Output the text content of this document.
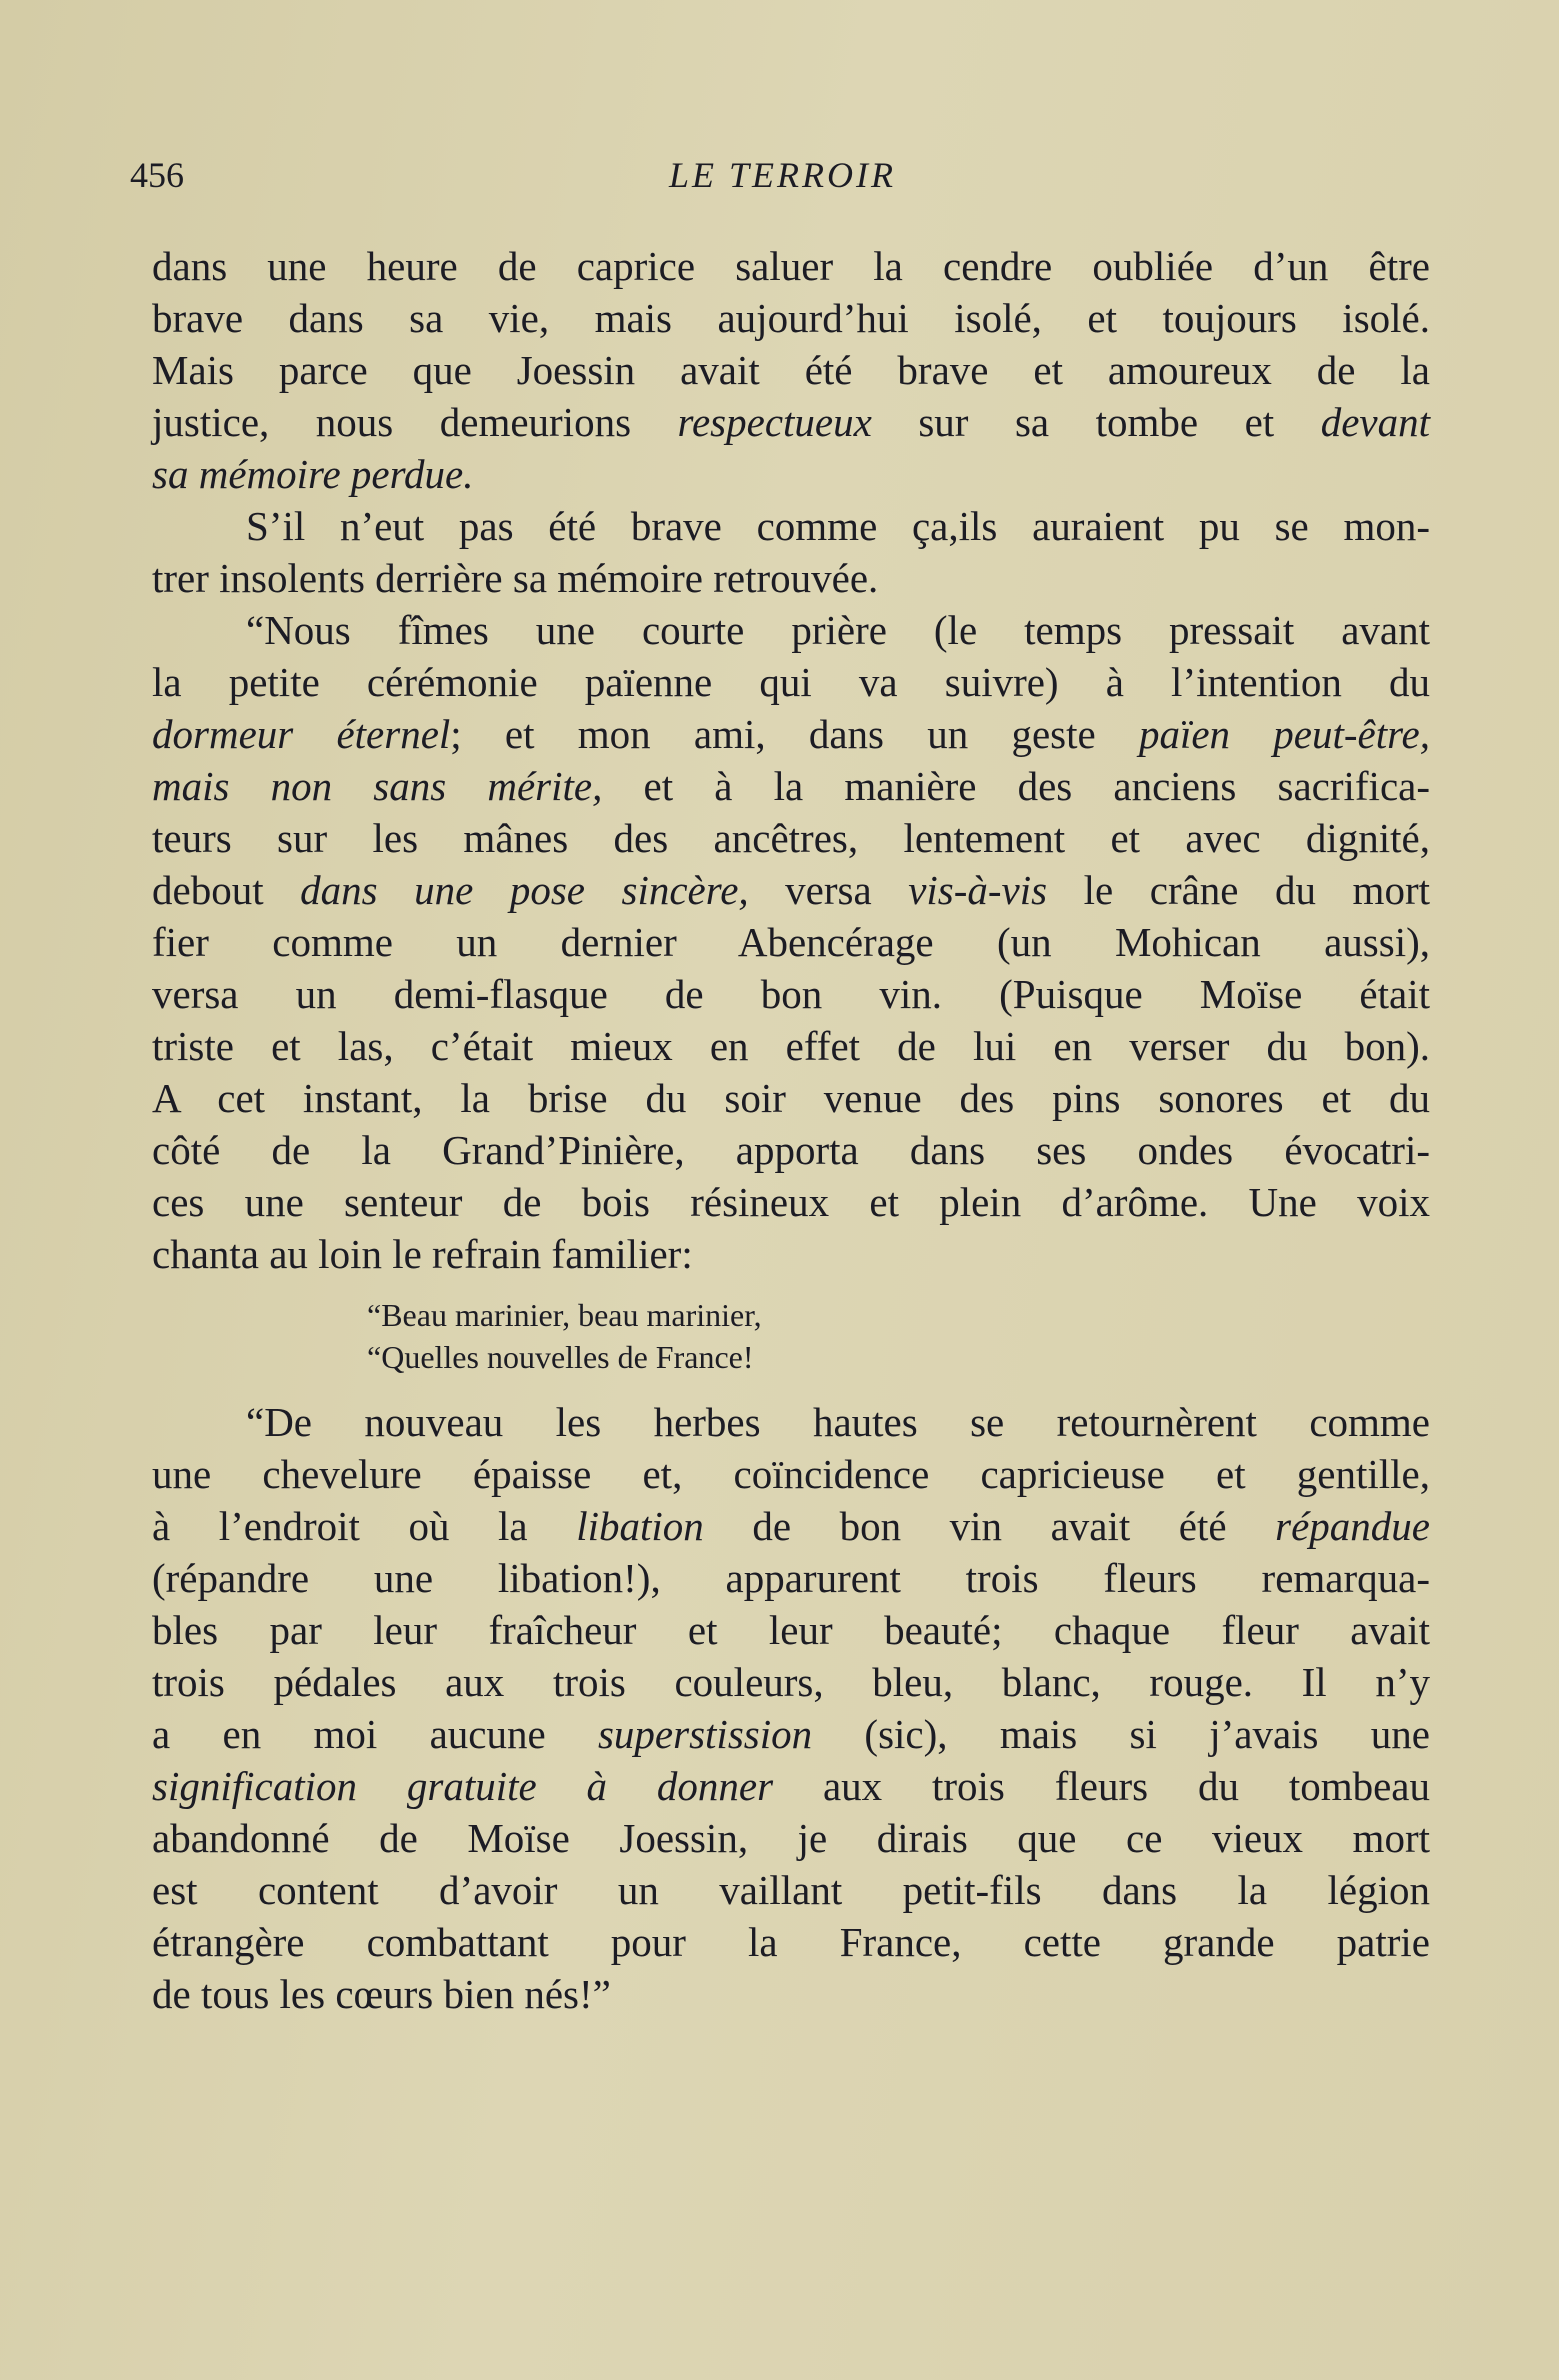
456	LE TERROIR
dans une heure de caprice saluer la cendre oubliée d’un être
brave dans sa vie, mais aujourd’hui isolé, et toujours isolé.
Mais parce que Joessin avait été brave et amoureux de la
justice, nous demeurions respectueux sur sa tombe et devant
sa mémoire perdue.
S’il n’eut pas été brave comme ça,ils auraient pu se mon-
trer insolents derrière sa mémoire retrouvée.
“Nous fîmes une courte prière (le temps pressait avant
la petite cérémonie païenne qui va suivre) à l’intention du
dormeur éternel; et mon ami, dans un geste païen peut-être,
mais non sans mérite, et à la manière des anciens sacrifica-
teurs sur les mânes des ancêtres, lentement et avec dignité,
debout dans une pose sincère, versa vis-à-vis le crâne du mort
fier comme un dernier Abencérage (un Mohican aussi),
versa un demi-flasque de bon vin. (Puisque Moïse était
triste et las, c’était mieux en effet de lui en verser du bon).
A cet instant, la brise du soir venue des pins sonores et du
côté de la Grand’Pinière, apporta dans ses ondes évocatri-
ces une senteur de bois résineux et plein d’arôme. Une voix
chanta au loin le refrain familier:
“Beau marinier, beau marinier,
“Quelles nouvelles de France!
“De nouveau les herbes hautes se retournèrent comme
une chevelure épaisse et, coïncidence capricieuse et gentille,
à l’endroit où la libation de bon vin avait été répandue
(répandre une libation!), apparurent trois fleurs remarqua-
bles par leur fraîcheur et leur beauté; chaque fleur avait
trois pédales aux trois couleurs, bleu, blanc, rouge. Il n’y
a en moi aucune superstission (sic), mais si j’avais une
signification gratuite à donner aux trois fleurs du tombeau
abandonné de Moïse Joessin, je dirais que ce vieux mort
est content d’avoir un vaillant petit-fils dans la légion
étrangère combattant pour la France, cette grande patrie
de tous les cœurs bien nés!”
